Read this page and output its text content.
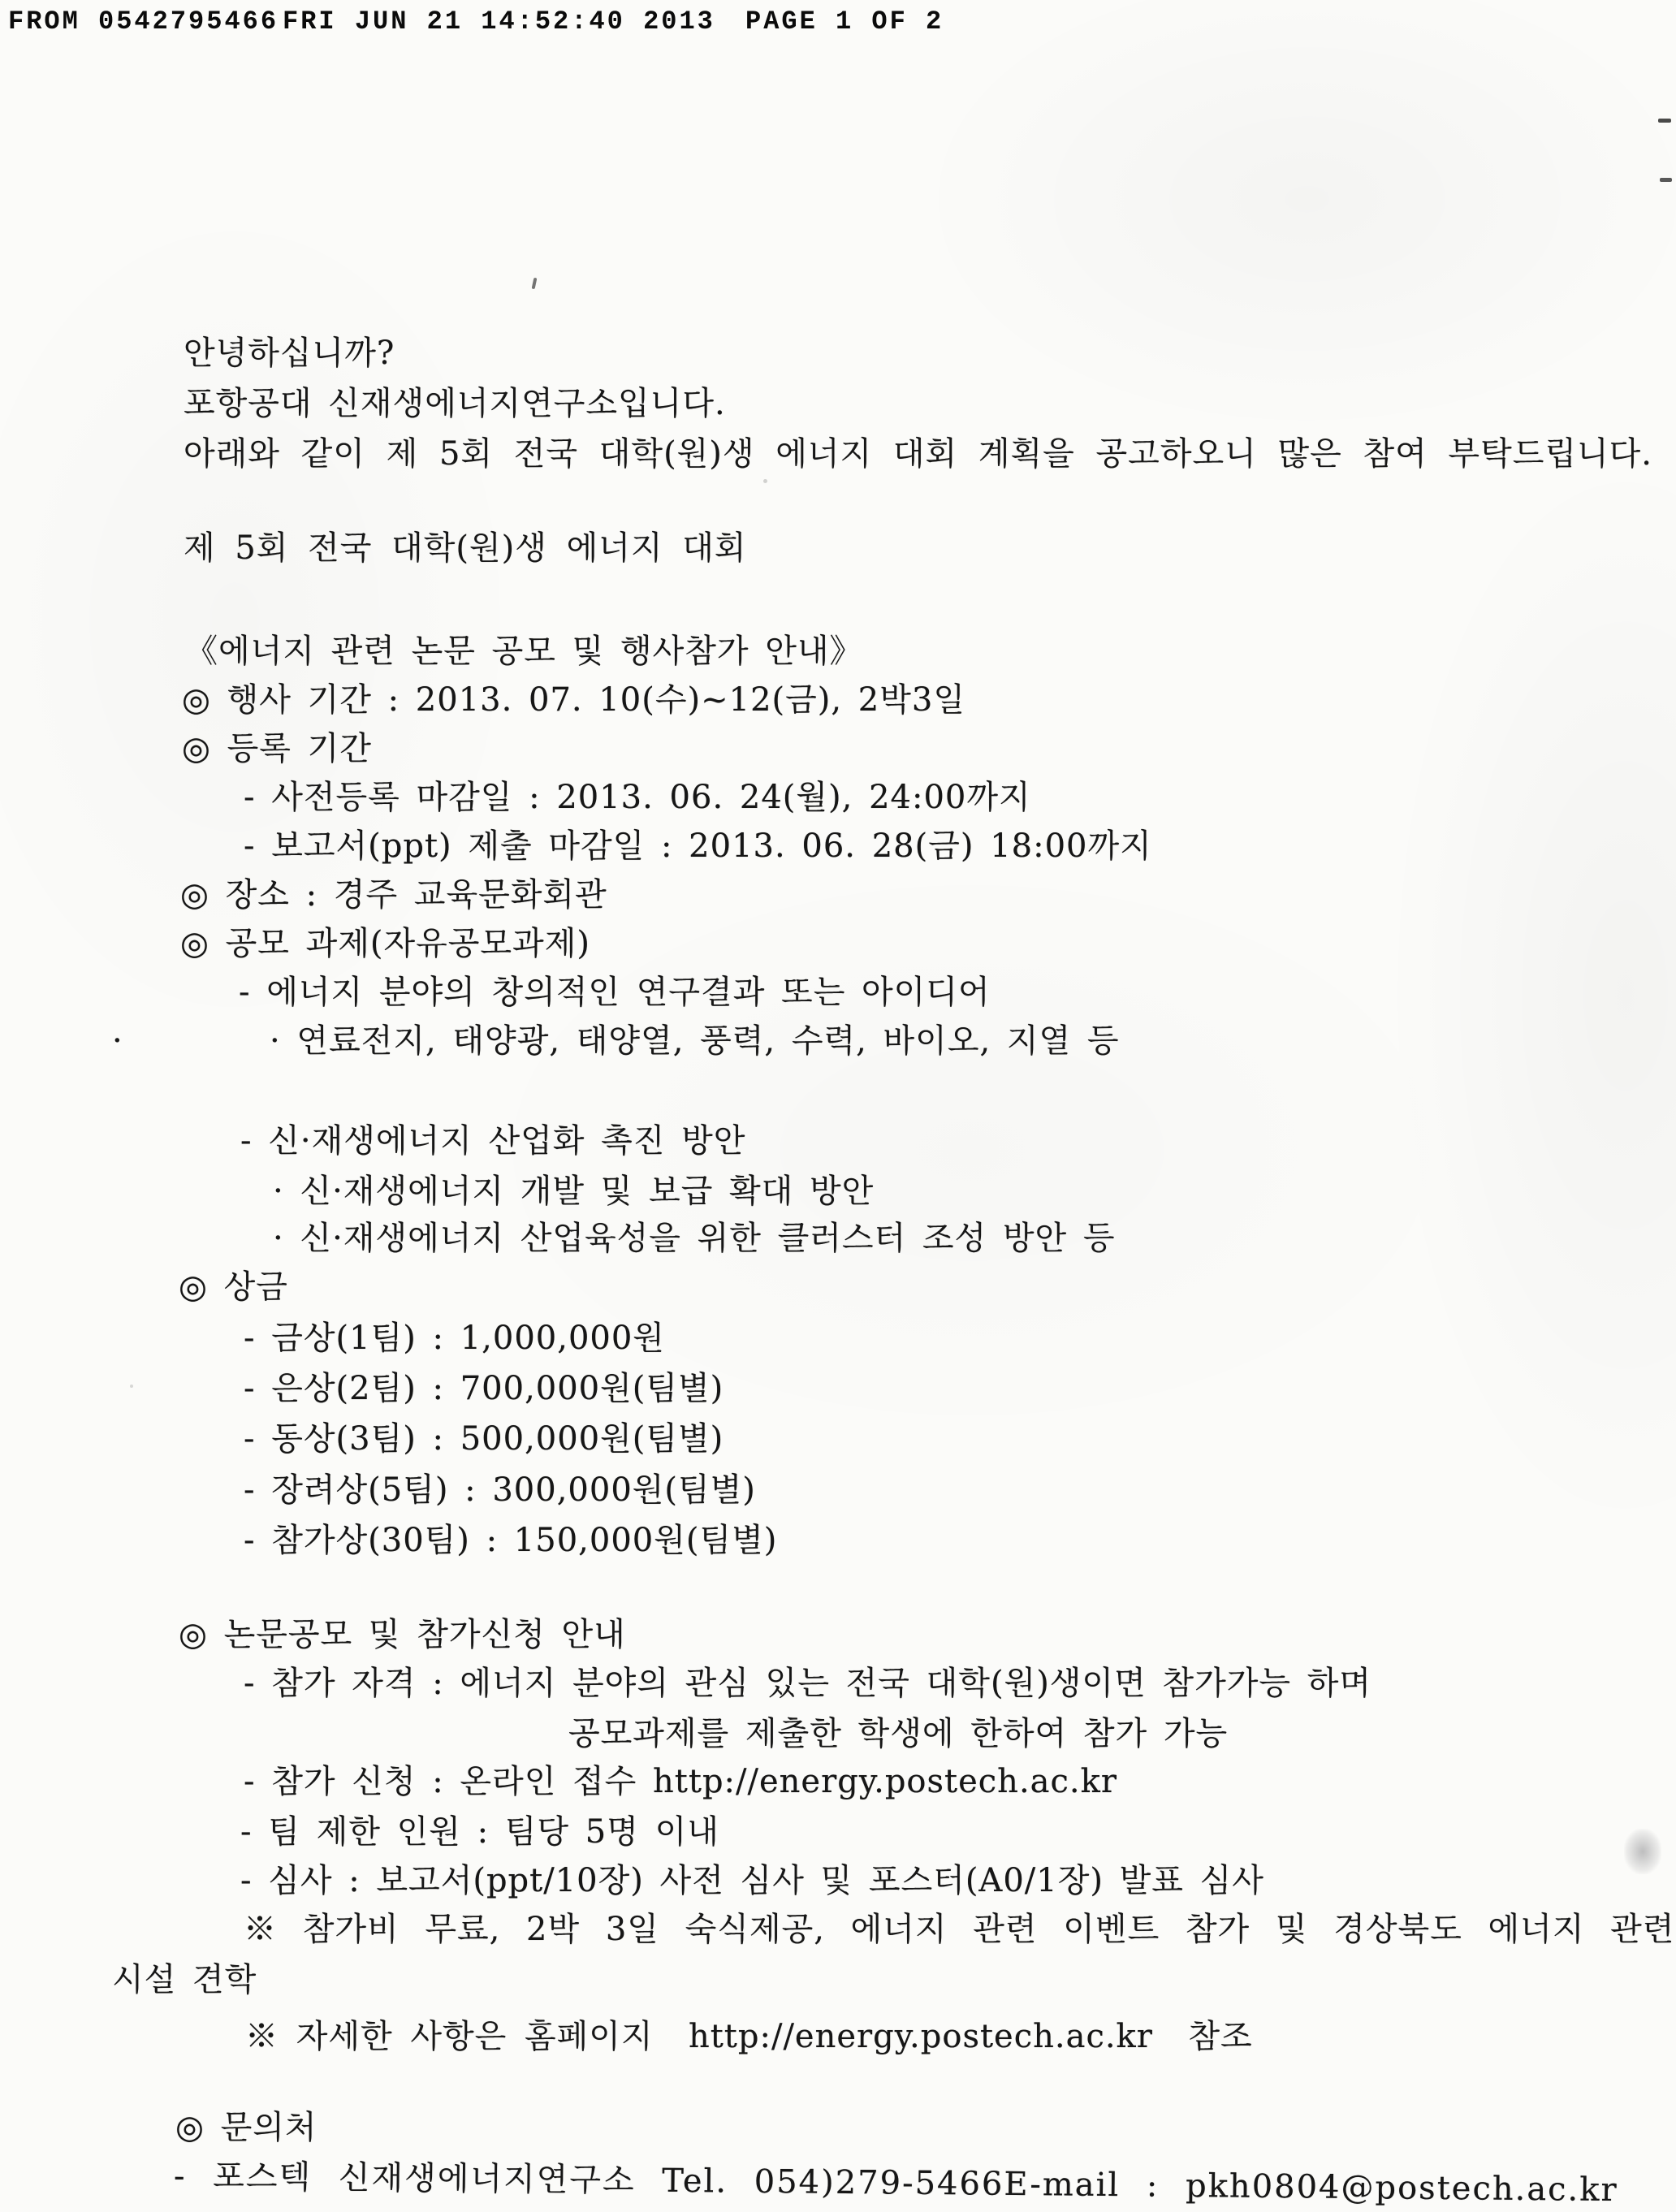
FROM 0542795466 FRI JUN 21 14:52:40 2013 PAGE 1 OF 2
안녕하십니까?
포항공대 신재생에너지연구소입니다.
아래와 같이 제 5회 전국 대학(원)생 에너지 대회 계획을 공고하오니 많은 참여 부탁드립니다.
제 5회 전국 대학(원)생 에너지 대회
《에너지 관련 논문 공모 및 행사참가 안내》
◎ 행사 기간 : 2013. 07. 10(수)~12(금), 2박3일
◎ 등록 기간
- 사전등록 마감일 : 2013. 06. 24(월), 24:00까지
- 보고서(ppt) 제출 마감일 : 2013. 06. 28(금) 18:00까지
◎ 장소 : 경주 교육문화회관
◎ 공모 과제(자유공모과제)
- 에너지 분야의 창의적인 연구결과 또는 아이디어
·	· 연료전지, 태양광, 태양열, 풍력, 수력, 바이오, 지열 등
- 신·재생에너지 산업화 촉진 방안
· 신·재생에너지 개발 및 보급 확대 방안
· 신·재생에너지 산업육성을 위한 클러스터 조성 방안 등
◎ 상금
- 금상(1팀) : 1,000,000원
- 은상(2팀) : 700,000원(팀별)
- 동상(3팀) : 500,000원(팀별)
- 장려상(5팀) : 300,000원(팀별)
- 참가상(30팀) : 150,000원(팀별)
◎ 논문공모 및 참가신청 안내
- 참가 자격 : 에너지 분야의 관심 있는 전국 대학(원)생이면 참가가능 하며
공모과제를 제출한 학생에 한하여 참가 가능
- 참가 신청 : 온라인 접수 http://energy.postech.ac.kr
- 팀 제한 인원 : 팀당 5명 이내
- 심사 : 보고서(ppt/10장) 사전 심사 및 포스터(A0/1장) 발표 심사
※ 참가비 무료, 2박 3일 숙식제공, 에너지 관련 이벤트 참가 및 경상북도 에너지 관련
시설 견학
※ 자세한 사항은 홈페이지  http://energy.postech.ac.kr  참조
◎ 문의처
- 포스텍 신재생에너지연구소 Tel. 054)279-5466E-mail : pkh0804@postech.ac.kr
